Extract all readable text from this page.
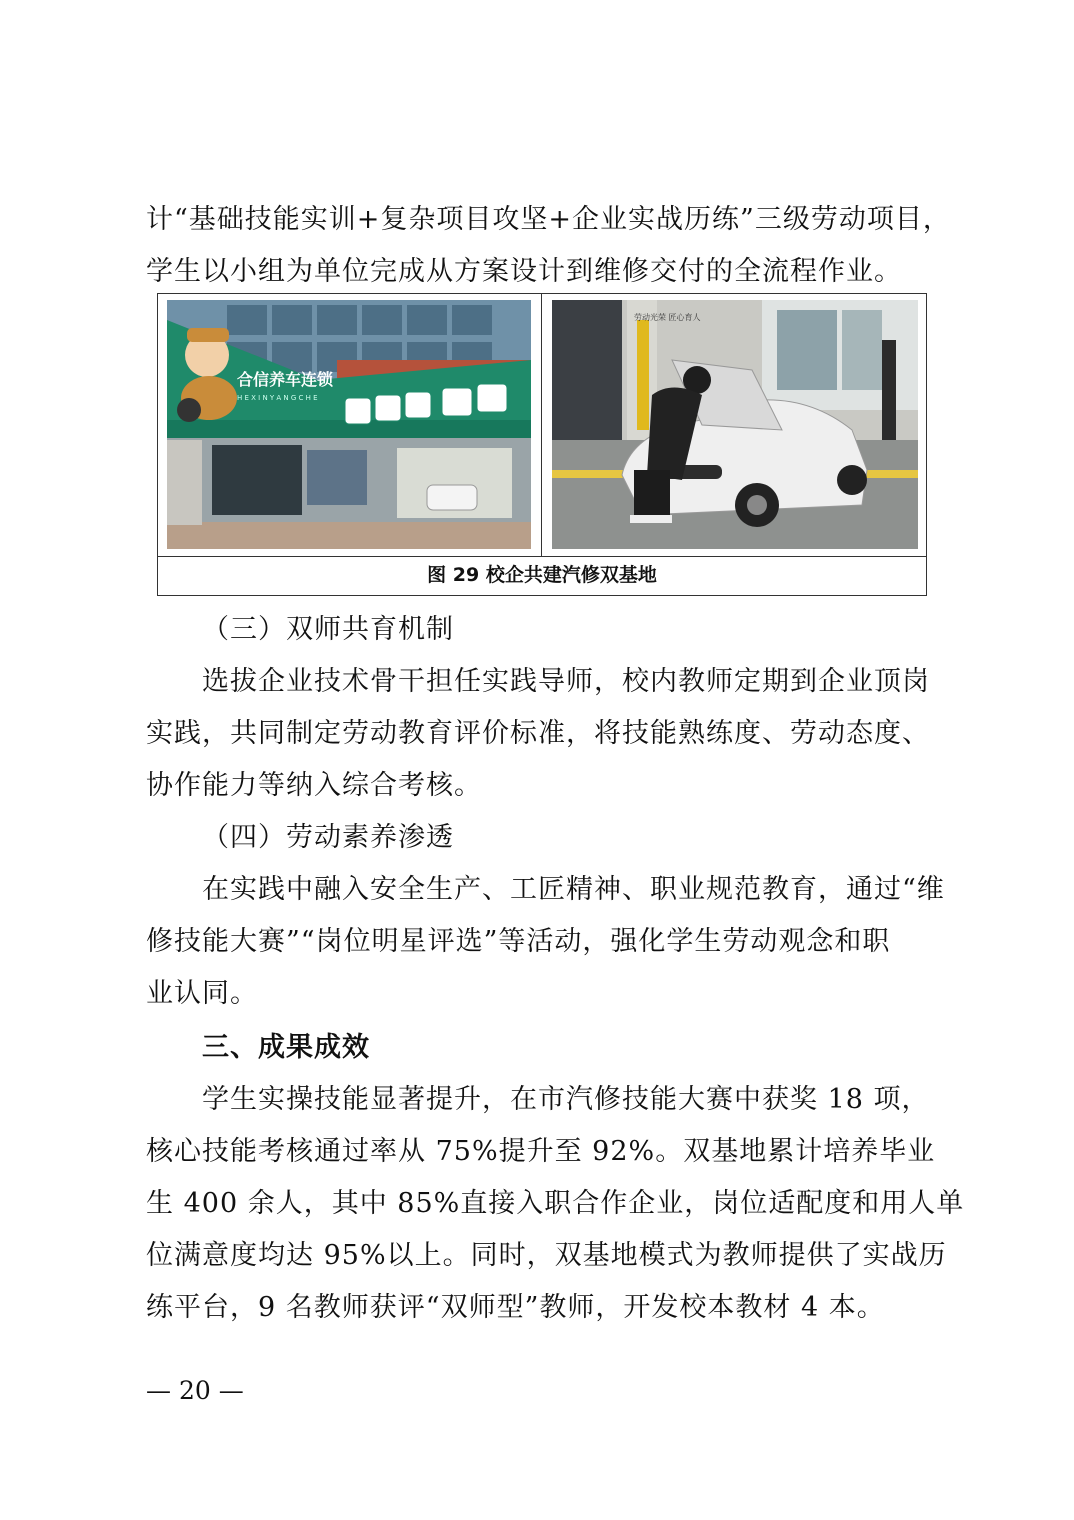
计“基础技能实训+复杂项目攻坚+企业实战历练”三级劳动项目，
学生以小组为单位完成从方案设计到维修交付的全流程作业。
合信养车连锁
H E X I N Y A N G C H E
劳动光荣 匠心育人
图 29 校企共建汽修双基地
（三）双师共育机制
选拔企业技术骨干担任实践导师，校内教师定期到企业顶岗
实践，共同制定劳动教育评价标准，将技能熟练度、劳动态度、
协作能力等纳入综合考核。
（四）劳动素养渗透
在实践中融入安全生产、工匠精神、职业规范教育，通过“维
修技能大赛”“岗位明星评选”等活动，强化学生劳动观念和职
业认同。
三、成果成效
学生实操技能显著提升，在市汽修技能大赛中获奖 18 项，
核心技能考核通过率从 75%提升至 92%。双基地累计培养毕业
生 400 余人，其中 85%直接入职合作企业，岗位适配度和用人单
位满意度均达 95%以上。同时，双基地模式为教师提供了实战历
练平台，9 名教师获评“双师型”教师，开发校本教材 4 本。
— 20 —
